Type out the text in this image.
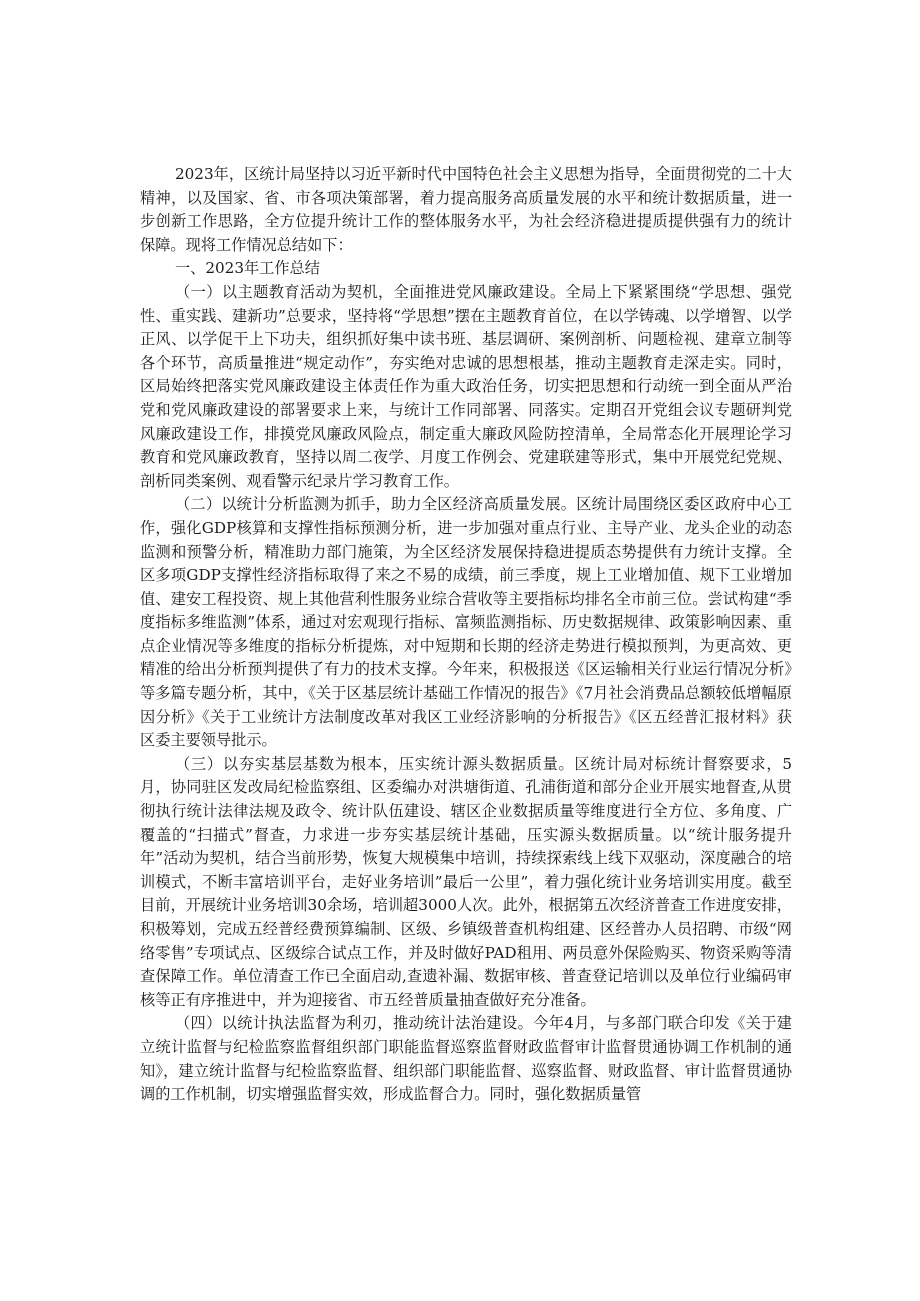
2023年，区统计局坚持以习近平新时代中国特色社会主义思想为指导，全面贯彻党的二十大精神，以及国家、省、市各项决策部署，着力提高服务高质量发展的水平和统计数据质量，进一步创新工作思路，全方位提升统计工作的整体服务水平，为社会经济稳进提质提供强有力的统计保障。现将工作情况总结如下：

一、2023年工作总结

（一）以主题教育活动为契机，全面推进党风廉政建设。全局上下紧紧围绕“学思想、强党性、重实践、建新功”总要求，坚持将“学思想”摆在主题教育首位，在以学铸魂、以学增智、以学正风、以学促干上下功夫，组织抓好集中读书班、基层调研、案例剖析、问题检视、建章立制等各个环节，高质量推进“规定动作”，夯实绝对忠诚的思想根基，推动主题教育走深走实。同时，区局始终把落实党风廉政建设主体责任作为重大政治任务，切实把思想和行动统一到全面从严治党和党风廉政建设的部署要求上来，与统计工作同部署、同落实。定期召开党组会议专题研判党风廉政建设工作，排摸党风廉政风险点，制定重大廉政风险防控清单，全局常态化开展理论学习教育和党风廉政教育，坚持以周二夜学、月度工作例会、党建联建等形式，集中开展党纪党规、剖析同类案例、观看警示纪录片学习教育工作。

（二）以统计分析监测为抓手，助力全区经济高质量发展。区统计局围绕区委区政府中心工作，强化GDP核算和支撑性指标预测分析，进一步加强对重点行业、主导产业、龙头企业的动态监测和预警分析，精准助力部门施策，为全区经济发展保持稳进提质态势提供有力统计支撑。全区多项GDP支撑性经济指标取得了来之不易的成绩，前三季度，规上工业增加值、规下工业增加值、建安工程投资、规上其他营利性服务业综合营收等主要指标均排名全市前三位。尝试构建“季度指标多维监测”体系，通过对宏观现行指标、富频监测指标、历史数据规律、政策影响因素、重点企业情况等多维度的指标分析提炼，对中短期和长期的经济走势进行模拟预判，为更高效、更精准的给出分析预判提供了有力的技术支撑。今年来，积极报送《区运输相关行业运行情况分析》等多篇专题分析，其中，《关于区基层统计基础工作情况的报告》《7月社会消费品总额较低增幅原因分析》《关于工业统计方法制度改革对我区工业经济影响的分析报告》《区五经普汇报材料》获区委主要领导批示。

（三）以夯实基层基数为根本，压实统计源头数据质量。区统计局对标统计督察要求，5月，协同驻区发改局纪检监察组、区委编办对洪塘街道、孔浦街道和部分企业开展实地督查,从贯彻执行统计法律法规及政令、统计队伍建设、辖区企业数据质量等维度进行全方位、多角度、广覆盖的“扫描式”督查，力求进一步夯实基层统计基础，压实源头数据质量。以“统计服务提升年”活动为契机，结合当前形势，恢复大规模集中培训，持续探索线上线下双驱动，深度融合的培训模式，不断丰富培训平台，走好业务培训”最后一公里”，着力强化统计业务培训实用度。截至目前，开展统计业务培训30余场，培训超3000人次。此外，根据第五次经济普查工作进度安排，积极筹划，完成五经普经费预算编制、区级、乡镇级普查机构组建、区经普办人员招聘、市级“网络零售”专项试点、区级综合试点工作，并及时做好PAD租用、两员意外保险购买、物资采购等清查保障工作。单位清查工作已全面启动,查遗补漏、数据审核、普查登记培训以及单位行业编码审核等正有序推进中，并为迎接省、市五经普质量抽查做好充分准备。

（四）以统计执法监督为利刃，推动统计法治建设。今年4月，与多部门联合印发《关于建立统计监督与纪检监察监督组织部门职能监督巡察监督财政监督审计监督贯通协调工作机制的通知》，建立统计监督与纪检监察监督、组织部门职能监督、巡察监督、财政监督、审计监督贯通协调的工作机制，切实增强监督实效，形成监督合力。同时，强化数据质量管
